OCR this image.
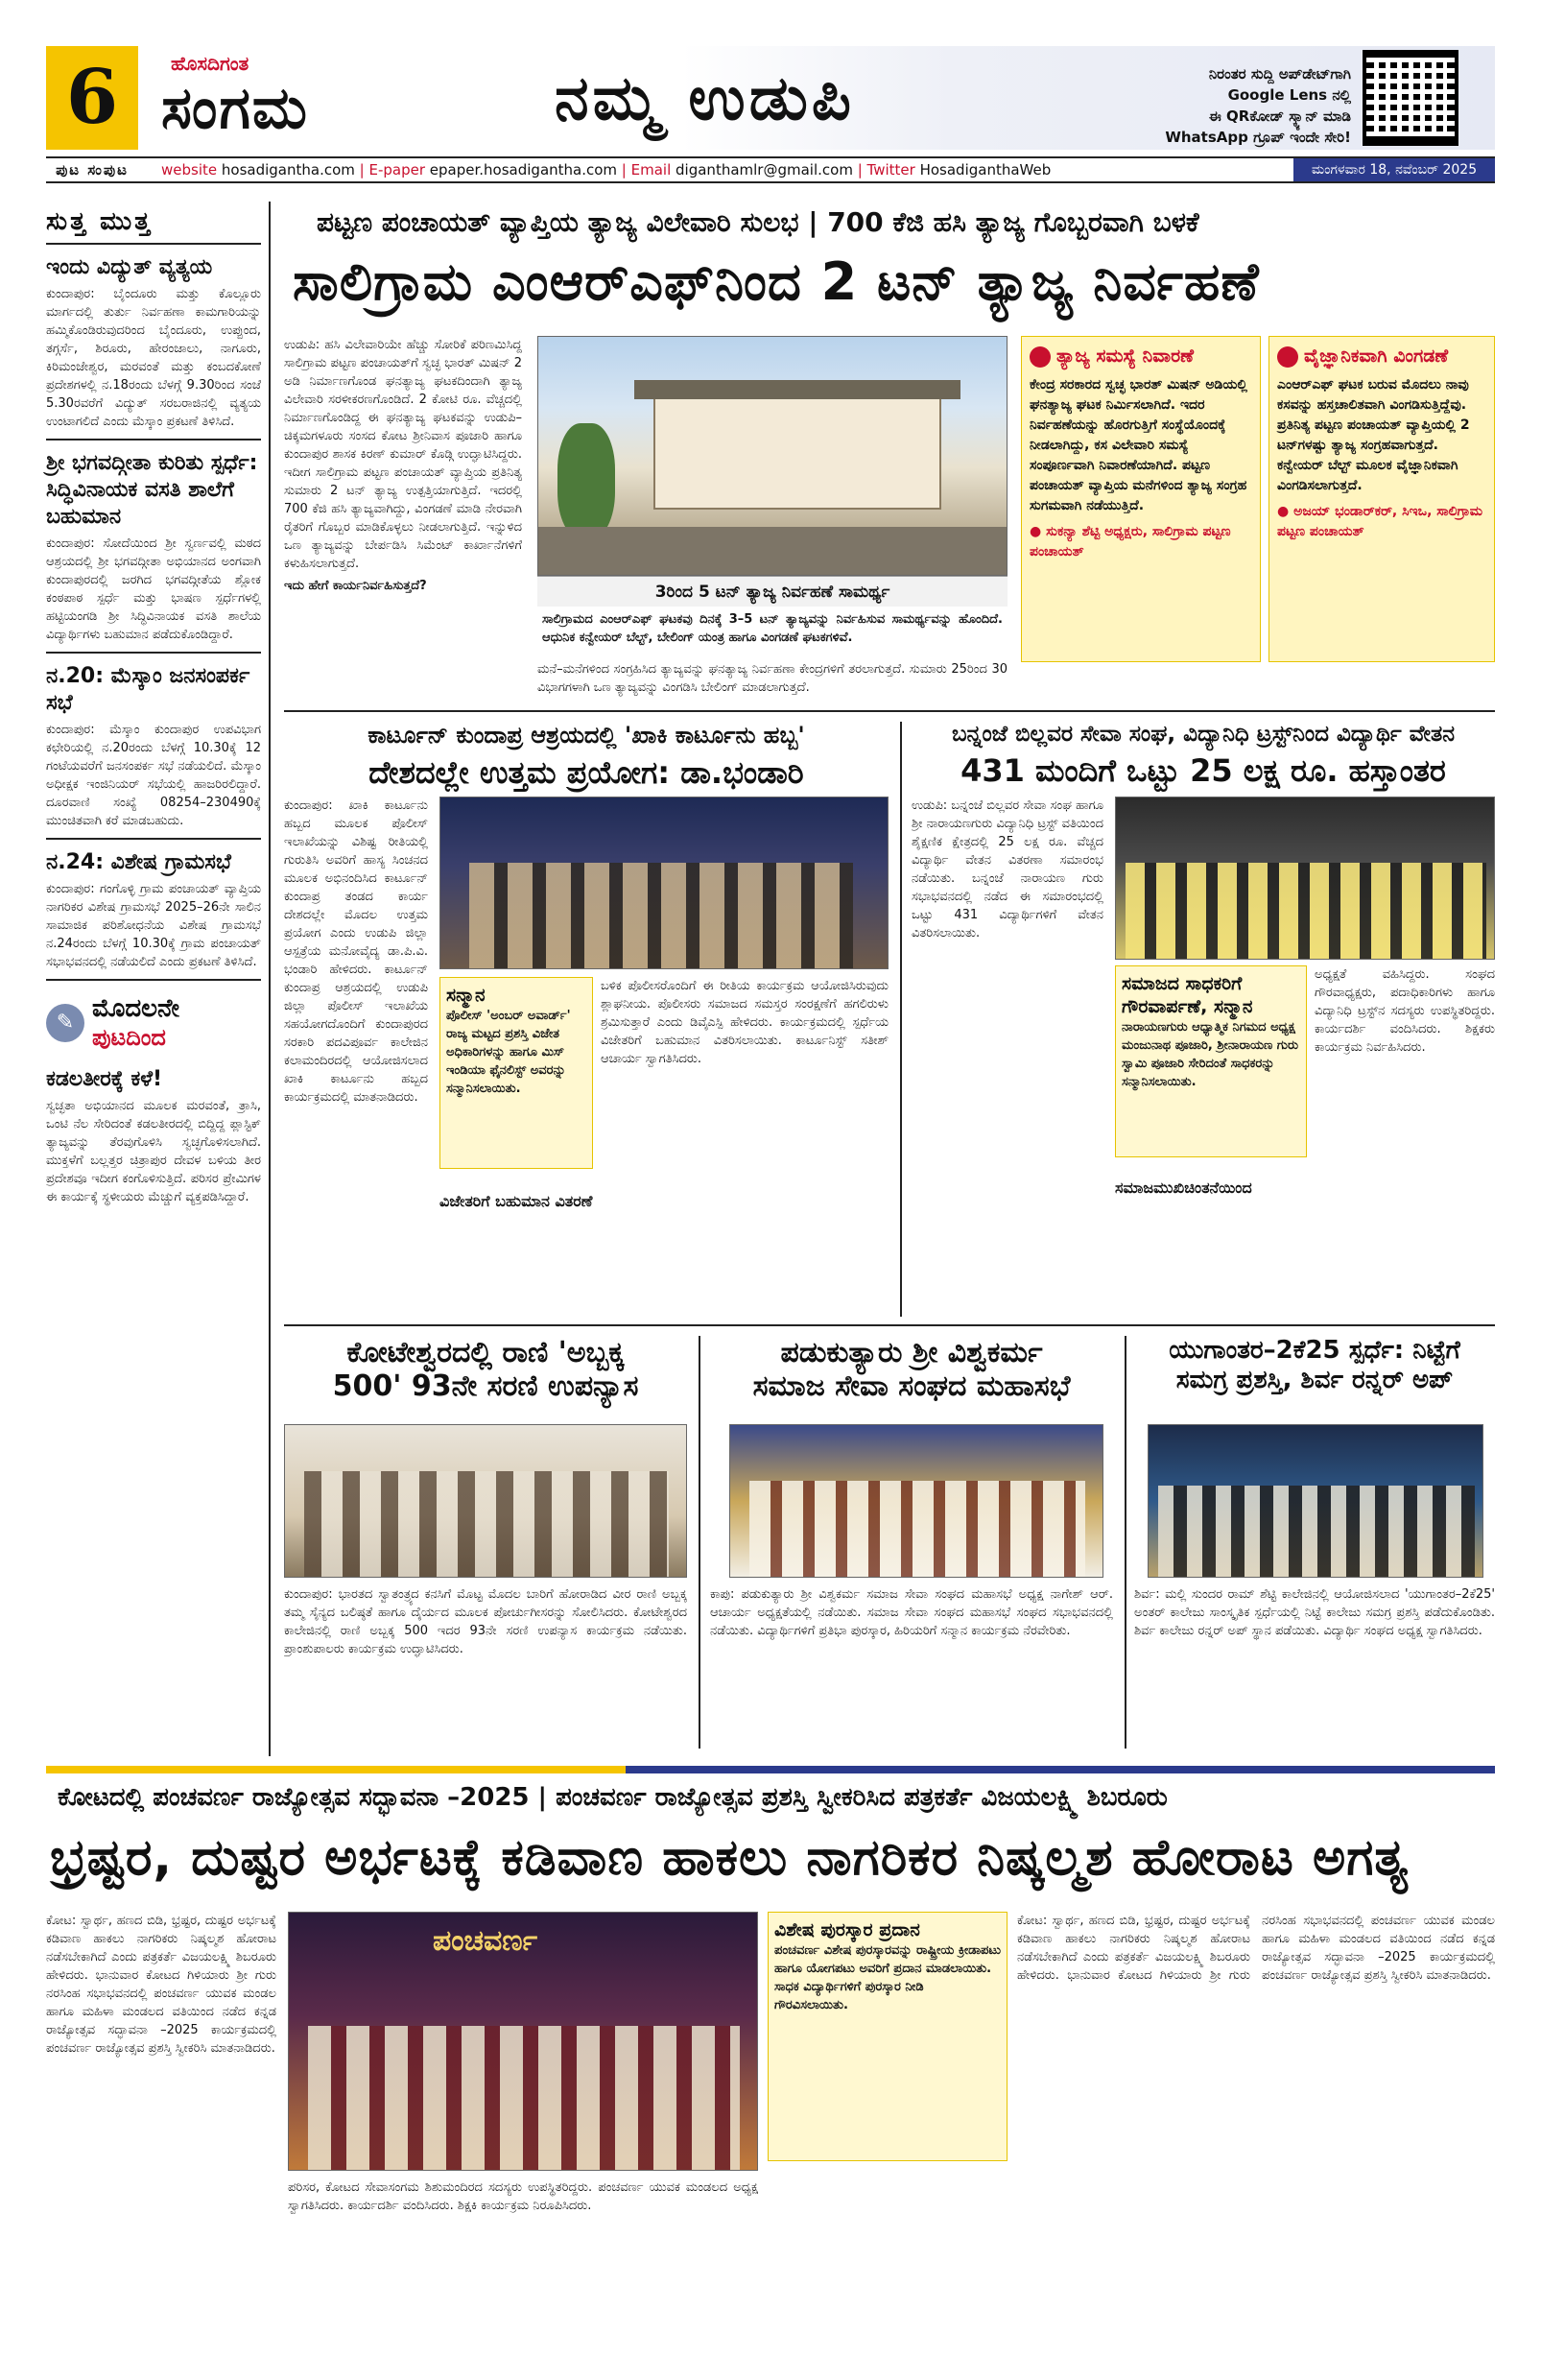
6	ಹೊಸದಿಗಂತ
ಸಂಗಮ	ನಮ್ಮ ಉಡುಪಿ	ನಿರಂತರ ಸುದ್ದಿ ಅಪ್‌ಡೇಟ್‌ಗಾಗಿ
Google Lens ನಲ್ಲಿ
ಈ QRಕೋಡ್ ಸ್ಕ್ಯಾನ್ ಮಾಡಿ
WhatsApp ಗ್ರೂಪ್ ಇಂದೇ ಸೇರಿ!
ಪುಟ ಸಂಪುಟ	website hosadigantha.com | E-paper epaper.hosadigantha.com | Email diganthamlr@gmail.com | Twitter HosadiganthaWeb	ಮಂಗಳವಾರ 18, ನವೆಂಬರ್ 2025
ಸುತ್ತ ಮುತ್ತ
ಇಂದು ವಿದ್ಯುತ್ ವ್ಯತ್ಯಯ
ಕುಂದಾಪುರ: ಬೈಂದೂರು ಮತ್ತು ಕೊಲ್ಲೂರು ಮಾರ್ಗದಲ್ಲಿ ತುರ್ತು ನಿರ್ವಹಣಾ ಕಾಮಗಾರಿಯನ್ನು ಹಮ್ಮಿಕೊಂಡಿರುವುದರಿಂದ ಬೈಂದೂರು, ಉಪ್ಪುಂದ, ತಗ್ಗರ್ಸೆ, ಶಿರೂರು, ಹೇರಂಜಾಲು, ನಾಗೂರು, ಕಿರಿಮಂಜೇಶ್ವರ, ಮರವಂತೆ ಮತ್ತು ಕಂಬದಕೋಣೆ ಪ್ರದೇಶಗಳಲ್ಲಿ ನ.18ರಂದು ಬೆಳಗ್ಗೆ 9.30ರಿಂದ ಸಂಜೆ 5.30ರವರೆಗೆ ವಿದ್ಯುತ್ ಸರಬರಾಜಿನಲ್ಲಿ ವ್ಯತ್ಯಯ ಉಂಟಾಗಲಿದೆ ಎಂದು ಮೆಸ್ಕಾಂ ಪ್ರಕಟಣೆ ತಿಳಿಸಿದೆ.
ಶ್ರೀ ಭಗವದ್ಗೀತಾ ಕುರಿತು ಸ್ಪರ್ಧೆ: ಸಿದ್ಧಿವಿನಾಯಕ ವಸತಿ ಶಾಲೆಗೆ ಬಹುಮಾನ
ಕುಂದಾಪುರ: ಸೋದೆಯಿಂದ ಶ್ರೀ ಸ್ವರ್ಣವಲ್ಲಿ ಮಠದ ಆಶ್ರಯದಲ್ಲಿ ಶ್ರೀ ಭಗವದ್ಗೀತಾ ಅಭಿಯಾನದ ಅಂಗವಾಗಿ ಕುಂದಾಪುರದಲ್ಲಿ ಜರಗಿದ ಭಗವದ್ಗೀತೆಯ ಶ್ಲೋಕ ಕಂಠಪಾಠ ಸ್ಪರ್ಧೆ ಮತ್ತು ಭಾಷಣ ಸ್ಪರ್ಧೆಗಳಲ್ಲಿ ಹಟ್ಟಿಯಂಗಡಿ ಶ್ರೀ ಸಿದ್ಧಿವಿನಾಯಕ ವಸತಿ ಶಾಲೆಯ ವಿದ್ಯಾರ್ಥಿಗಳು ಬಹುಮಾನ ಪಡೆದುಕೊಂಡಿದ್ದಾರೆ.
ನ.20: ಮೆಸ್ಕಾಂ ಜನಸಂಪರ್ಕ ಸಭೆ
ಕುಂದಾಪುರ: ಮೆಸ್ಕಾಂ ಕುಂದಾಪುರ ಉಪವಿಭಾಗ ಕಛೇರಿಯಲ್ಲಿ ನ.20ರಂದು ಬೆಳಗ್ಗೆ 10.30ಕ್ಕೆ 12 ಗಂಟೆಯವರೆಗೆ ಜನಸಂಪರ್ಕ ಸಭೆ ನಡೆಯಲಿದೆ. ಮೆಸ್ಕಾಂ ಅಧೀಕ್ಷಕ ಇಂಜಿನಿಯರ್ ಸಭೆಯಲ್ಲಿ ಹಾಜರಿರಲಿದ್ದಾರೆ. ದೂರವಾಣಿ ಸಂಖ್ಯೆ 08254–230490ಕ್ಕೆ ಮುಂಚಿತವಾಗಿ ಕರೆ ಮಾಡಬಹುದು.
ನ.24: ವಿಶೇಷ ಗ್ರಾಮಸಭೆ
ಕುಂದಾಪುರ: ಗಂಗೊಳ್ಳಿ ಗ್ರಾಮ ಪಂಚಾಯತ್ ವ್ಯಾಪ್ತಿಯ ನಾಗರಿಕರ ವಿಶೇಷ ಗ್ರಾಮಸಭೆ 2025–26ನೇ ಸಾಲಿನ ಸಾಮಾಜಿಕ ಪರಿಶೋಧನೆಯ ವಿಶೇಷ ಗ್ರಾಮಸಭೆ ನ.24ರಂದು ಬೆಳಗ್ಗೆ 10.30ಕ್ಕೆ ಗ್ರಾಮ ಪಂಚಾಯತ್ ಸಭಾಭವನದಲ್ಲಿ ನಡೆಯಲಿದೆ ಎಂದು ಪ್ರಕಟಣೆ ತಿಳಿಸಿದೆ.
✎ ಮೊದಲನೇ
ಪುಟದಿಂದ
ಕಡಲತೀರಕ್ಕೆ ಕಳೆ!
ಸ್ವಚ್ಛತಾ ಅಭಿಯಾನದ ಮೂಲಕ ಮರವಂತೆ, ತ್ರಾಸಿ, ಒಂಟಿ ನೆಲ ಸೇರಿದಂತೆ ಕಡಲತೀರದಲ್ಲಿ ಬಿದ್ದಿದ್ದ ಪ್ಲಾಸ್ಟಿಕ್ ತ್ಯಾಜ್ಯವನ್ನು ತೆರವುಗೊಳಿಸಿ ಸ್ವಚ್ಛಗೊಳಿಸಲಾಗಿದೆ. ಮುಕ್ತಳೆಗೆ ಬಲ್ಲತ್ತರ ಚಿತ್ರಾಪುರ ದೇವಳ ಬಳಿಯ ತೀರ ಪ್ರದೇಶವೂ ಇದೀಗ ಕಂಗೊಳಿಸುತ್ತಿದೆ. ಪರಿಸರ ಪ್ರೇಮಿಗಳ ಈ ಕಾರ್ಯಕ್ಕೆ ಸ್ಥಳೀಯರು ಮೆಚ್ಚುಗೆ ವ್ಯಕ್ತಪಡಿಸಿದ್ದಾರೆ.
ಪಟ್ಟಣ ಪಂಚಾಯತ್ ವ್ಯಾಪ್ತಿಯ ತ್ಯಾಜ್ಯ ವಿಲೇವಾರಿ ಸುಲಭ | 700 ಕೆಜಿ ಹಸಿ ತ್ಯಾಜ್ಯ ಗೊಬ್ಬರವಾಗಿ ಬಳಕೆ
ಸಾಲಿಗ್ರಾಮ ಎಂಆರ್‌ಎಫ್‌ನಿಂದ 2 ಟನ್ ತ್ಯಾಜ್ಯ ನಿರ್ವಹಣೆ
ಉಡುಪಿ: ಹಸಿ ವಿಲೇವಾರಿಯೇ ಹೆಚ್ಚು ಸೋರಿಕೆ ಪರಿಣಮಿಸಿದ್ದ ಸಾಲಿಗ್ರಾಮ ಪಟ್ಟಣ ಪಂಚಾಯತ್‌ಗೆ ಸ್ವಚ್ಛ ಭಾರತ್ ಮಿಷನ್ 2 ಅಡಿ ನಿರ್ಮಾಣಗೊಂಡ ಘನತ್ಯಾಜ್ಯ ಘಟಕದಿಂದಾಗಿ ತ್ಯಾಜ್ಯ ವಿಲೇವಾರಿ ಸರಳೀಕರಣಗೊಂಡಿದೆ. 2 ಕೋಟಿ ರೂ. ವೆಚ್ಚದಲ್ಲಿ ನಿರ್ಮಾಣಗೊಂಡಿದ್ದ ಈ ಘನತ್ಯಾಜ್ಯ ಘಟಕವನ್ನು ಉಡುಪಿ–ಚಿಕ್ಕಮಗಳೂರು ಸಂಸದ ಕೋಟ ಶ್ರೀನಿವಾಸ ಪೂಜಾರಿ ಹಾಗೂ ಕುಂದಾಪುರ ಶಾಸಕ ಕಿರಣ್ ಕುಮಾರ್ ಕೊಡ್ಗಿ ಉದ್ಘಾಟಿಸಿದ್ದರು. ಇದೀಗ ಸಾಲಿಗ್ರಾಮ ಪಟ್ಟಣ ಪಂಚಾಯತ್ ವ್ಯಾಪ್ತಿಯ ಪ್ರತಿನಿತ್ಯ ಸುಮಾರು 2 ಟನ್ ತ್ಯಾಜ್ಯ ಉತ್ಪತ್ತಿಯಾಗುತ್ತಿದೆ. ಇದರಲ್ಲಿ 700 ಕೆಜಿ ಹಸಿ ತ್ಯಾಜ್ಯವಾಗಿದ್ದು, ವಿಂಗಡಣೆ ಮಾಡಿ ನೇರವಾಗಿ ರೈತರಿಗೆ ಗೊಬ್ಬರ ಮಾಡಿಕೊಳ್ಳಲು ನೀಡಲಾಗುತ್ತಿದೆ. ಇನ್ನುಳಿದ ಒಣ ತ್ಯಾಜ್ಯವನ್ನು ಬೇರ್ಪಡಿಸಿ ಸಿಮೆಂಟ್ ಕಾರ್ಖಾನೆಗಳಿಗೆ ಕಳುಹಿಸಲಾಗುತ್ತದೆ.
ಇದು ಹೇಗೆ ಕಾರ್ಯನಿರ್ವಹಿಸುತ್ತದೆ?
ಮನೆ–ಮನೆಗಳಿಂದ ಸಂಗ್ರಹಿಸಿದ ತ್ಯಾಜ್ಯವನ್ನು ಘನತ್ಯಾಜ್ಯ ನಿರ್ವಹಣಾ ಕೇಂದ್ರಗಳಿಗೆ ತರಲಾಗುತ್ತದೆ. ಸುಮಾರು 25ರಿಂದ 30 ವಿಭಾಗಗಳಾಗಿ ಒಣ ತ್ಯಾಜ್ಯವನ್ನು ವಿಂಗಡಿಸಿ ಬೇಲಿಂಗ್ ಮಾಡಲಾಗುತ್ತದೆ.
3ರಿಂದ 5 ಟನ್ ತ್ಯಾಜ್ಯ ನಿರ್ವಹಣೆ ಸಾಮರ್ಥ್ಯ
ಸಾಲಿಗ್ರಾಮದ ಎಂಆರ್‌ಎಫ್ ಘಟಕವು ದಿನಕ್ಕೆ 3–5 ಟನ್ ತ್ಯಾಜ್ಯವನ್ನು ನಿರ್ವಹಿಸುವ ಸಾಮರ್ಥ್ಯವನ್ನು ಹೊಂದಿದೆ. ಆಧುನಿಕ ಕನ್ವೇಯರ್ ಬೆಲ್ಟ್, ಬೇಲಿಂಗ್ ಯಂತ್ರ ಹಾಗೂ ವಿಂಗಡಣೆ ಘಟಕಗಳಿವೆ.
ತ್ಯಾಜ್ಯ ಸಮಸ್ಯೆ ನಿವಾರಣೆ
ಕೇಂದ್ರ ಸರಕಾರದ ಸ್ವಚ್ಛ ಭಾರತ್ ಮಿಷನ್ ಅಡಿಯಲ್ಲಿ ಘನತ್ಯಾಜ್ಯ ಘಟಕ ನಿರ್ಮಿಸಲಾಗಿದೆ. ಇದರ ನಿರ್ವಹಣೆಯನ್ನು ಹೊರಗುತ್ತಿಗೆ ಸಂಸ್ಥೆಯೊಂದಕ್ಕೆ ನೀಡಲಾಗಿದ್ದು, ಕಸ ವಿಲೇವಾರಿ ಸಮಸ್ಯೆ ಸಂಪೂರ್ಣವಾಗಿ ನಿವಾರಣೆಯಾಗಿದೆ. ಪಟ್ಟಣ ಪಂಚಾಯತ್ ವ್ಯಾಪ್ತಿಯ ಮನೆಗಳಿಂದ ತ್ಯಾಜ್ಯ ಸಂಗ್ರಹ ಸುಗಮವಾಗಿ ನಡೆಯುತ್ತಿದೆ.
● ಸುಕನ್ಯಾ ಶೆಟ್ಟಿ ಅಧ್ಯಕ್ಷರು, ಸಾಲಿಗ್ರಾಮ ಪಟ್ಟಣ ಪಂಚಾಯತ್
ವೈಜ್ಞಾನಿಕವಾಗಿ ವಿಂಗಡಣೆ
ಎಂಆರ್‌ಎಫ್ ಘಟಕ ಬರುವ ಮೊದಲು ನಾವು ಕಸವನ್ನು ಹಸ್ತಚಾಲಿತವಾಗಿ ವಿಂಗಡಿಸುತ್ತಿದ್ದೆವು. ಪ್ರತಿನಿತ್ಯ ಪಟ್ಟಣ ಪಂಚಾಯತ್ ವ್ಯಾಪ್ತಿಯಲ್ಲಿ 2 ಟನ್‌ಗಳಷ್ಟು ತ್ಯಾಜ್ಯ ಸಂಗ್ರಹವಾಗುತ್ತದೆ. ಕನ್ವೇಯರ್ ಬೆಲ್ಟ್ ಮೂಲಕ ವೈಜ್ಞಾನಿಕವಾಗಿ ವಿಂಗಡಿಸಲಾಗುತ್ತದೆ.
● ಅಜಯ್ ಭಂಡಾರ್‌ಕರ್, ಸಿಇಒ, ಸಾಲಿಗ್ರಾಮ ಪಟ್ಟಣ ಪಂಚಾಯತ್
ಕಾರ್ಟೂನ್ ಕುಂದಾಪ್ರ ಆಶ್ರಯದಲ್ಲಿ 'ಖಾಕಿ ಕಾರ್ಟೂನು ಹಬ್ಬ'
ದೇಶದಲ್ಲೇ ಉತ್ತಮ ಪ್ರಯೋಗ: ಡಾ.ಭಂಡಾರಿ
ಕುಂದಾಪುರ: ಖಾಕಿ ಕಾರ್ಟೂನು ಹಬ್ಬದ ಮೂಲಕ ಪೊಲೀಸ್ ಇಲಾಖೆಯನ್ನು ವಿಶಿಷ್ಟ ರೀತಿಯಲ್ಲಿ ಗುರುತಿಸಿ ಅವರಿಗೆ ಹಾಸ್ಯ ಸಿಂಚನದ ಮೂಲಕ ಅಭಿನಂದಿಸಿದ ಕಾರ್ಟೂನ್ ಕುಂದಾಪ್ರ ತಂಡದ ಕಾರ್ಯ ದೇಶದಲ್ಲೇ ಮೊದಲ ಉತ್ತಮ ಪ್ರಯೋಗ ಎಂದು ಉಡುಪಿ ಜಿಲ್ಲಾ ಆಸ್ಪತ್ರೆಯ ಮನೋವೈದ್ಯ ಡಾ.ಪಿ.ವಿ. ಭಂಡಾರಿ ಹೇಳಿದರು. ಕಾರ್ಟೂನ್ ಕುಂದಾಪ್ರ ಆಶ್ರಯದಲ್ಲಿ ಉಡುಪಿ ಜಿಲ್ಲಾ ಪೊಲೀಸ್ ಇಲಾಖೆಯ ಸಹಯೋಗದೊಂದಿಗೆ ಕುಂದಾಪುರದ ಸರಕಾರಿ ಪದವಿಪೂರ್ವ ಕಾಲೇಜಿನ ಕಲಾಮಂದಿರದಲ್ಲಿ ಆಯೋಜಿಸಲಾದ ಖಾಕಿ ಕಾರ್ಟೂನು ಹಬ್ಬದ ಕಾರ್ಯಕ್ರಮದಲ್ಲಿ ಮಾತನಾಡಿದರು.
ಸನ್ಮಾನ
ಪೊಲೀಸ್ 'ಅಂಬರ್ ಅವಾರ್ಡ್' ರಾಜ್ಯ ಮಟ್ಟದ ಪ್ರಶಸ್ತಿ ವಿಜೇತ ಅಧಿಕಾರಿಗಳನ್ನು ಹಾಗೂ ಮಿಸ್ ಇಂಡಿಯಾ ಫೈನಲಿಸ್ಟ್ ಅವರನ್ನು ಸನ್ಮಾನಿಸಲಾಯಿತು.
ಬಳಿಕ ಪೊಲೀಸರೊಂದಿಗೆ ಈ ರೀತಿಯ ಕಾರ್ಯಕ್ರಮ ಆಯೋಜಿಸಿರುವುದು ಶ್ಲಾಘನೀಯ. ಪೊಲೀಸರು ಸಮಾಜದ ಸಮಸ್ತರ ಸಂರಕ್ಷಣೆಗೆ ಹಗಲಿರುಳು ಶ್ರಮಿಸುತ್ತಾರೆ ಎಂದು ಡಿವೈಎಸ್ಪಿ ಹೇಳಿದರು. ಕಾರ್ಯಕ್ರಮದಲ್ಲಿ ಸ್ಪರ್ಧೆಯ ವಿಜೇತರಿಗೆ ಬಹುಮಾನ ವಿತರಿಸಲಾಯಿತು. ಕಾರ್ಟೂನಿಸ್ಟ್ ಸತೀಶ್ ಆಚಾರ್ಯ ಸ್ವಾಗತಿಸಿದರು.
ವಿಜೇತರಿಗೆ ಬಹುಮಾನ ವಿತರಣೆ
ಬನ್ನಂಜೆ ಬಿಲ್ಲವರ ಸೇವಾ ಸಂಘ, ವಿದ್ಯಾನಿಧಿ ಟ್ರಸ್ಟ್‌ನಿಂದ ವಿದ್ಯಾರ್ಥಿ ವೇತನ
431 ಮಂದಿಗೆ ಒಟ್ಟು 25 ಲಕ್ಷ ರೂ. ಹಸ್ತಾಂತರ
ಉಡುಪಿ: ಬನ್ನಂಜೆ ಬಿಲ್ಲವರ ಸೇವಾ ಸಂಘ ಹಾಗೂ ಶ್ರೀ ನಾರಾಯಣಗುರು ವಿದ್ಯಾನಿಧಿ ಟ್ರಸ್ಟ್ ವತಿಯಿಂದ ಶೈಕ್ಷಣಿಕ ಕ್ಷೇತ್ರದಲ್ಲಿ 25 ಲಕ್ಷ ರೂ. ವೆಚ್ಚದ ವಿದ್ಯಾರ್ಥಿ ವೇತನ ವಿತರಣಾ ಸಮಾರಂಭ ನಡೆಯಿತು. ಬನ್ನಂಜೆ ನಾರಾಯಣ ಗುರು ಸಭಾಭವನದಲ್ಲಿ ನಡೆದ ಈ ಸಮಾರಂಭದಲ್ಲಿ ಒಟ್ಟು 431 ವಿದ್ಯಾರ್ಥಿಗಳಿಗೆ ವೇತನ ವಿತರಿಸಲಾಯಿತು.
ಸಮಾಜದ ಸಾಧಕರಿಗೆ ಗೌರವಾರ್ಪಣೆ, ಸನ್ಮಾನ
ನಾರಾಯಣಗುರು ಆಧ್ಯಾತ್ಮಿಕ ನಿಗಮದ ಅಧ್ಯಕ್ಷ ಮಂಜುನಾಥ ಪೂಜಾರಿ, ಶ್ರೀನಾರಾಯಣ ಗುರು ಸ್ವಾಮಿ ಪೂಜಾರಿ ಸೇರಿದಂತೆ ಸಾಧಕರನ್ನು ಸನ್ಮಾನಿಸಲಾಯಿತು.
ಅಧ್ಯಕ್ಷತೆ ವಹಿಸಿದ್ದರು. ಸಂಘದ ಗೌರವಾಧ್ಯಕ್ಷರು, ಪದಾಧಿಕಾರಿಗಳು ಹಾಗೂ ವಿದ್ಯಾನಿಧಿ ಟ್ರಸ್ಟ್‌ನ ಸದಸ್ಯರು ಉಪಸ್ಥಿತರಿದ್ದರು. ಕಾರ್ಯದರ್ಶಿ ವಂದಿಸಿದರು. ಶಿಕ್ಷಕರು ಕಾರ್ಯಕ್ರಮ ನಿರ್ವಹಿಸಿದರು.
ಸಮಾಜಮುಖಿಚಿಂತನೆಯಿಂದ
ಕೋಟೇಶ್ವರದಲ್ಲಿ ರಾಣಿ 'ಅಬ್ಬಕ್ಕ
500' 93ನೇ ಸರಣಿ ಉಪನ್ಯಾಸ
ಕುಂದಾಪುರ: ಭಾರತದ ಸ್ವಾತಂತ್ರ್ಯದ ಕನಸಿಗೆ ಮೊಟ್ಟ ಮೊದಲ ಬಾರಿಗೆ ಹೋರಾಡಿದ ವೀರ ರಾಣಿ ಅಬ್ಬಕ್ಕ ತಮ್ಮ ಸೈನ್ಯದ ಬಲಿಷ್ಠತೆ ಹಾಗೂ ದೈರ್ಯದ ಮೂಲಕ ಪೋರ್ಚುಗೀಸರನ್ನು ಸೋಲಿಸಿದರು. ಕೋಟೇಶ್ವರದ ಕಾಲೇಜಿನಲ್ಲಿ ರಾಣಿ ಅಬ್ಬಕ್ಕ 500 ಇದರ 93ನೇ ಸರಣಿ ಉಪನ್ಯಾಸ ಕಾರ್ಯಕ್ರಮ ನಡೆಯಿತು. ಪ್ರಾಂಶುಪಾಲರು ಕಾರ್ಯಕ್ರಮ ಉದ್ಘಾಟಿಸಿದರು.
ಪಡುಕುತ್ಯಾರು ಶ್ರೀ ವಿಶ್ವಕರ್ಮ
ಸಮಾಜ ಸೇವಾ ಸಂಘದ ಮಹಾಸಭೆ
ಕಾಪು: ಪಡುಕುತ್ಯಾರು ಶ್ರೀ ವಿಶ್ವಕರ್ಮ ಸಮಾಜ ಸೇವಾ ಸಂಘದ ಮಹಾಸಭೆ ಅಧ್ಯಕ್ಷ ನಾಗೇಶ್ ಆರ್. ಆಚಾರ್ಯ ಅಧ್ಯಕ್ಷತೆಯಲ್ಲಿ ನಡೆಯಿತು. ಸಮಾಜ ಸೇವಾ ಸಂಘದ ಮಹಾಸಭೆ ಸಂಘದ ಸಭಾಭವನದಲ್ಲಿ ನಡೆಯಿತು. ವಿದ್ಯಾರ್ಥಿಗಳಿಗೆ ಪ್ರತಿಭಾ ಪುರಸ್ಕಾರ, ಹಿರಿಯರಿಗೆ ಸನ್ಮಾನ ಕಾರ್ಯಕ್ರಮ ನೆರವೇರಿತು.
ಯುಗಾಂತರ–2ಕೆ25 ಸ್ಪರ್ಧೆ: ನಿಟ್ಟೆಗೆ
ಸಮಗ್ರ ಪ್ರಶಸ್ತಿ, ಶಿರ್ವ ರನ್ನರ್ ಅಪ್
ಶಿರ್ವ: ಮಲ್ಲಿ ಸುಂದರ ರಾಮ್ ಶೆಟ್ಟಿ ಕಾಲೇಜಿನಲ್ಲಿ ಆಯೋಜಿಸಲಾದ 'ಯುಗಾಂತರ–2ಕೆ25' ಅಂತರ್ ಕಾಲೇಜು ಸಾಂಸ್ಕೃತಿಕ ಸ್ಪರ್ಧೆಯಲ್ಲಿ ನಿಟ್ಟೆ ಕಾಲೇಜು ಸಮಗ್ರ ಪ್ರಶಸ್ತಿ ಪಡೆದುಕೊಂಡಿತು. ಶಿರ್ವ ಕಾಲೇಜು ರನ್ನರ್ ಅಪ್ ಸ್ಥಾನ ಪಡೆಯಿತು. ವಿದ್ಯಾರ್ಥಿ ಸಂಘದ ಅಧ್ಯಕ್ಷ ಸ್ವಾಗತಿಸಿದರು.
ಕೋಟದಲ್ಲಿ ಪಂಚವರ್ಣ ರಾಜ್ಯೋತ್ಸವ ಸದ್ಭಾವನಾ –2025 | ಪಂಚವರ್ಣ ರಾಜ್ಯೋತ್ಸವ ಪ್ರಶಸ್ತಿ ಸ್ವೀಕರಿಸಿದ ಪತ್ರಕರ್ತೆ ವಿಜಯಲಕ್ಷ್ಮಿ ಶಿಬರೂರು
ಭ್ರಷ್ಟರ, ದುಷ್ಟರ ಅರ್ಭಟಕ್ಕೆ ಕಡಿವಾಣ ಹಾಕಲು ನಾಗರಿಕರ ನಿಷ್ಕಲ್ಮಶ ಹೋರಾಟ ಅಗತ್ಯ
ಕೋಟ: ಸ್ವಾರ್ಥ, ಹಣದ ಬಿಡಿ, ಭ್ರಷ್ಟರ, ದುಷ್ಟರ ಅರ್ಭಟಕ್ಕೆ ಕಡಿವಾಣ ಹಾಕಲು ನಾಗರಿಕರು ನಿಷ್ಕಲ್ಮಶ ಹೋರಾಟ ನಡೆಸಬೇಕಾಗಿದೆ ಎಂದು ಪತ್ರಕರ್ತೆ ವಿಜಯಲಕ್ಷ್ಮಿ ಶಿಬರೂರು ಹೇಳಿದರು. ಭಾನುವಾರ ಕೋಟದ ಗಿಳಿಯಾರು ಶ್ರೀ ಗುರು ನರಸಿಂಹ ಸಭಾಭವನದಲ್ಲಿ ಪಂಚವರ್ಣ ಯುವಕ ಮಂಡಲ ಹಾಗೂ ಮಹಿಳಾ ಮಂಡಲದ ವತಿಯಿಂದ ನಡೆದ ಕನ್ನಡ ರಾಜ್ಯೋತ್ಸವ ಸದ್ಭಾವನಾ –2025 ಕಾರ್ಯಕ್ರಮದಲ್ಲಿ ಪಂಚವರ್ಣ ರಾಜ್ಯೋತ್ಸವ ಪ್ರಶಸ್ತಿ ಸ್ವೀಕರಿಸಿ ಮಾತನಾಡಿದರು.
ಪಂಚವರ್ಣ
ಪರಿಸರ, ಕೋಟದ ಸೇವಾಸಂಗಮ ಶಿಶುಮಂದಿರದ ಸದಸ್ಯರು ಉಪಸ್ಥಿತರಿದ್ದರು. ಪಂಚವರ್ಣ ಯುವಕ ಮಂಡಲದ ಅಧ್ಯಕ್ಷ ಸ್ವಾಗತಿಸಿದರು. ಕಾರ್ಯದರ್ಶಿ ವಂದಿಸಿದರು. ಶಿಕ್ಷಕಿ ಕಾರ್ಯಕ್ರಮ ನಿರೂಪಿಸಿದರು.
ವಿಶೇಷ ಪುರಸ್ಕಾರ ಪ್ರದಾನ
ಪಂಚವರ್ಣ ವಿಶೇಷ ಪುರಸ್ಕಾರವನ್ನು ರಾಷ್ಟ್ರೀಯ ಕ್ರೀಡಾಪಟು ಹಾಗೂ ಯೋಗಪಟು ಅವರಿಗೆ ಪ್ರದಾನ ಮಾಡಲಾಯಿತು. ಸಾಧಕ ವಿದ್ಯಾರ್ಥಿಗಳಿಗೆ ಪುರಸ್ಕಾರ ನೀಡಿ ಗೌರವಿಸಲಾಯಿತು.
ಕೋಟ: ಸ್ವಾರ್ಥ, ಹಣದ ಬಿಡಿ, ಭ್ರಷ್ಟರ, ದುಷ್ಟರ ಅರ್ಭಟಕ್ಕೆ ಕಡಿವಾಣ ಹಾಕಲು ನಾಗರಿಕರು ನಿಷ್ಕಲ್ಮಶ ಹೋರಾಟ ನಡೆಸಬೇಕಾಗಿದೆ ಎಂದು ಪತ್ರಕರ್ತೆ ವಿಜಯಲಕ್ಷ್ಮಿ ಶಿಬರೂರು ಹೇಳಿದರು. ಭಾನುವಾರ ಕೋಟದ ಗಿಳಿಯಾರು ಶ್ರೀ ಗುರು ನರಸಿಂಹ ಸಭಾಭವನದಲ್ಲಿ ಪಂಚವರ್ಣ ಯುವಕ ಮಂಡಲ ಹಾಗೂ ಮಹಿಳಾ ಮಂಡಲದ ವತಿಯಿಂದ ನಡೆದ ಕನ್ನಡ ರಾಜ್ಯೋತ್ಸವ ಸದ್ಭಾವನಾ –2025 ಕಾರ್ಯಕ್ರಮದಲ್ಲಿ ಪಂಚವರ್ಣ ರಾಜ್ಯೋತ್ಸವ ಪ್ರಶಸ್ತಿ ಸ್ವೀಕರಿಸಿ ಮಾತನಾಡಿದರು.
